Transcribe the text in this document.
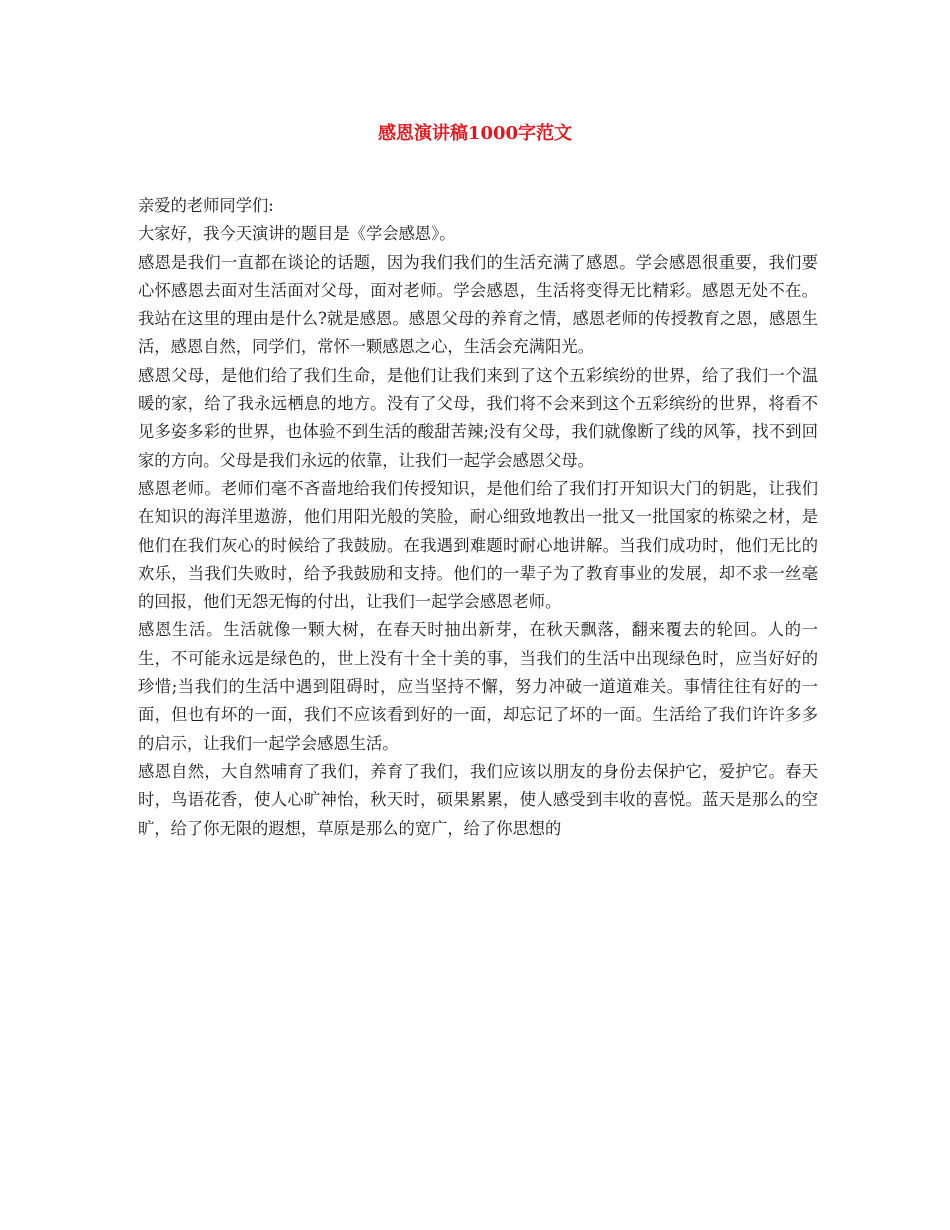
感恩演讲稿1000字范文

亲爱的老师同学们:

大家好，我今天演讲的题目是《学会感恩》。

感恩是我们一直都在谈论的话题，因为我们我们的生活充满了感恩。学会感恩很重要，我们要心怀感恩去面对生活面对父母，面对老师。学会感恩，生活将变得无比精彩。感恩无处不在。我站在这里的理由是什么?就是感恩。感恩父母的养育之情，感恩老师的传授教育之恩，感恩生活，感恩自然，同学们，常怀一颗感恩之心，生活会充满阳光。

感恩父母，是他们给了我们生命，是他们让我们来到了这个五彩缤纷的世界，给了我们一个温暖的家，给了我永远栖息的地方。没有了父母，我们将不会来到这个五彩缤纷的世界，将看不见多姿多彩的世界，也体验不到生活的酸甜苦辣;没有父母，我们就像断了线的风筝，找不到回家的方向。父母是我们永远的依靠，让我们一起学会感恩父母。

感恩老师。老师们毫不吝啬地给我们传授知识，是他们给了我们打开知识大门的钥匙，让我们在知识的海洋里遨游，他们用阳光般的笑脸，耐心细致地教出一批又一批国家的栋梁之材，是他们在我们灰心的时候给了我鼓励。在我遇到难题时耐心地讲解。当我们成功时，他们无比的欢乐，当我们失败时，给予我鼓励和支持。他们的一辈子为了教育事业的发展，却不求一丝毫的回报，他们无怨无悔的付出，让我们一起学会感恩老师。

感恩生活。生活就像一颗大树，在春天时抽出新芽，在秋天飘落，翻来覆去的轮回。人的一生，不可能永远是绿色的，世上没有十全十美的事，当我们的生活中出现绿色时，应当好好的珍惜;当我们的生活中遇到阻碍时，应当坚持不懈，努力冲破一道道难关。事情往往有好的一面，但也有坏的一面，我们不应该看到好的一面，却忘记了坏的一面。生活给了我们许许多多的启示，让我们一起学会感恩生活。

感恩自然，大自然哺育了我们，养育了我们，我们应该以朋友的身份去保护它，爱护它。春天时，鸟语花香，使人心旷神怡，秋天时，硕果累累，使人感受到丰收的喜悦。蓝天是那么的空旷，给了你无限的遐想，草原是那么的宽广，给了你思想的
